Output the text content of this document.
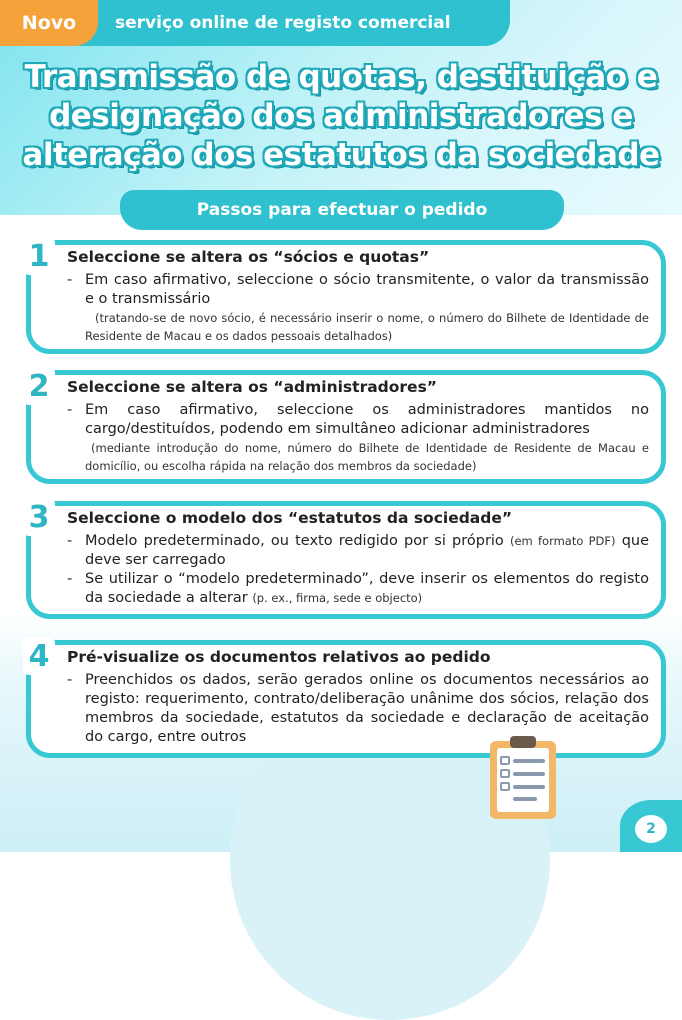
Novo	serviço online de registo comercial
Transmissão de quotas, destituição e
designação dos administradores e
alteração dos estatutos da sociedade
Passos para efectuar o pedido
1	Seleccione se altera os “sócios e quotas”
- Em caso afirmativo, seleccione o sócio transmitente, o valor da transmissão e o transmissário
(tratando-se de novo sócio, é necessário inserir o nome, o número do Bilhete de Identidade de Residente de Macau e os dados pessoais detalhados)
2	Seleccione se altera os “administradores”
- Em caso afirmativo, seleccione os administradores mantidos no cargo/destituídos, podendo em simultâneo adicionar administradores
(mediante introdução do nome, número do Bilhete de Identidade de Residente de Macau e domicílio, ou escolha rápida na relação dos membros da sociedade)
3	Seleccione o modelo dos “estatutos da sociedade”
- Modelo predeterminado, ou texto redigido por si próprio (em formato PDF) que deve ser carregado
- Se utilizar o “modelo predeterminado”, deve inserir os elementos do registo da sociedade a alterar (p. ex., firma, sede e objecto)
4	Pré-visualize os documentos relativos ao pedido
- Preenchidos os dados, serão gerados online os documentos necessários ao registo: requerimento, contrato/deliberação unânime dos sócios, relação dos membros da sociedade, estatutos da sociedade e declaração de aceitação do cargo, entre outros
2
